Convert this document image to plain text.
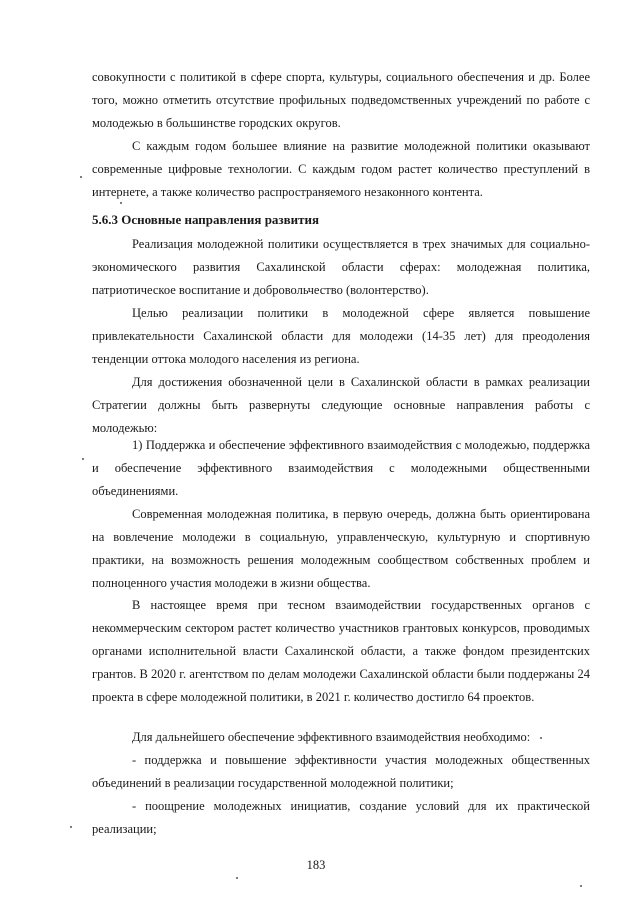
совокупности с политикой в сфере спорта, культуры, социального обеспечения и др. Более того, можно отметить отсутствие профильных подведомственных учреждений по работе с молодежью в большинстве городских округов.

С каждым годом большее влияние на развитие молодежной политики оказывают современные цифровые технологии. С каждым годом растет количество преступлений в интернете, а также количество распространяемого незаконного контента.

5.6.3 Основные направления развития

Реализация молодежной политики осуществляется в трех значимых для социально-экономического развития Сахалинской области сферах: молодежная политика, патриотическое воспитание и добровольчество (волонтерство).

Целью реализации политики в молодежной сфере является повышение привлекательности Сахалинской области для молодежи (14-35 лет) для преодоления тенденции оттока молодого населения из региона.

Для достижения обозначенной цели в Сахалинской области в рамках реализации Стратегии должны быть развернуты следующие основные направления работы с молодежью:

1) Поддержка и обеспечение эффективного взаимодействия с молодежью, поддержка и обеспечение эффективного взаимодействия с молодежными общественными объединениями.

Современная молодежная политика, в первую очередь, должна быть ориентирована на вовлечение молодежи в социальную, управленческую, культурную и спортивную практики, на возможность решения молодежным сообществом собственных проблем и полноценного участия молодежи в жизни общества.

В настоящее время при тесном взаимодействии государственных органов с некоммерческим сектором растет количество участников грантовых конкурсов, проводимых органами исполнительной власти Сахалинской области, а также фондом президентских грантов. В 2020 г. агентством по делам молодежи Сахалинской области были поддержаны 24 проекта в сфере молодежной политики, в 2021 г. количество достигло 64 проектов.

Для дальнейшего обеспечение эффективного взаимодействия необходимо:

- поддержка и повышение эффективности участия молодежных общественных объединений в реализации государственной молодежной политики;

- поощрение молодежных инициатив, создание условий для их практической реализации;

183
